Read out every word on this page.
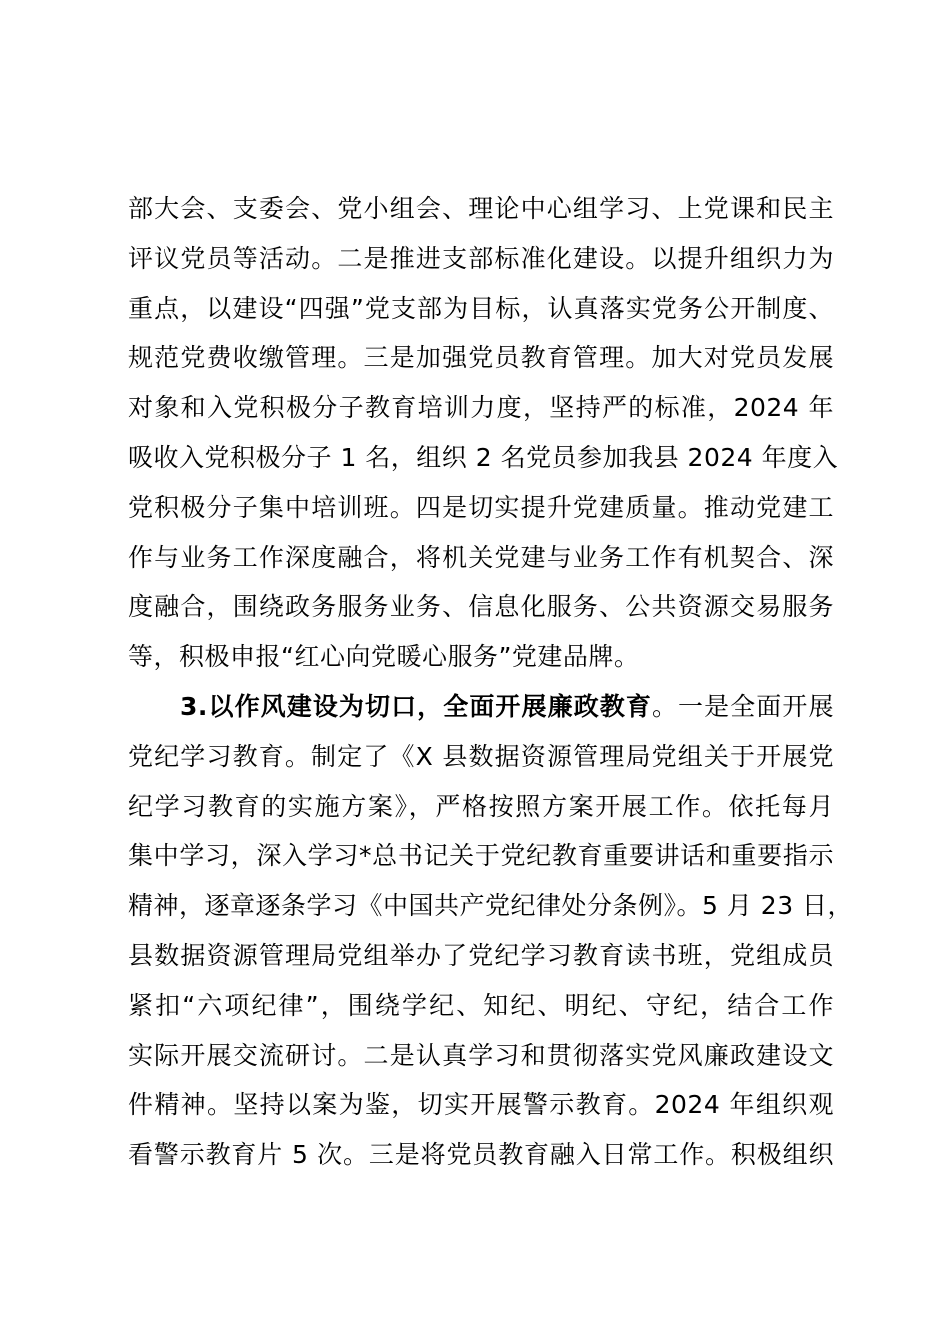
部大会、支委会、党小组会、理论中心组学习、上党课和民主
评议党员等活动。二是推进支部标准化建设。以提升组织力为
重点，以建设“四强”党支部为目标，认真落实党务公开制度、
规范党费收缴管理。三是加强党员教育管理。加大对党员发展
对象和入党积极分子教育培训力度，坚持严的标准，2024 年
吸收入党积极分子 1 名，组织 2 名党员参加我县 2024 年度入
党积极分子集中培训班。四是切实提升党建质量。推动党建工
作与业务工作深度融合，将机关党建与业务工作有机契合、深
度融合，围绕政务服务业务、信息化服务、公共资源交易服务
等，积极申报“红心向党暖心服务”党建品牌。
3.以作风建设为切口，全面开展廉政教育。一是全面开展
党纪学习教育。制定了《X 县数据资源管理局党组关于开展党
纪学习教育的实施方案》，严格按照方案开展工作。依托每月
集中学习，深入学习*总书记关于党纪教育重要讲话和重要指示
精神，逐章逐条学习《中国共产党纪律处分条例》。5 月 23 日，
县数据资源管理局党组举办了党纪学习教育读书班，党组成员
紧扣“六项纪律”，围绕学纪、知纪、明纪、守纪，结合工作
实际开展交流研讨。二是认真学习和贯彻落实党风廉政建设文
件精神。坚持以案为鉴，切实开展警示教育。2024 年组织观
看警示教育片 5 次。三是将党员教育融入日常工作。积极组织
